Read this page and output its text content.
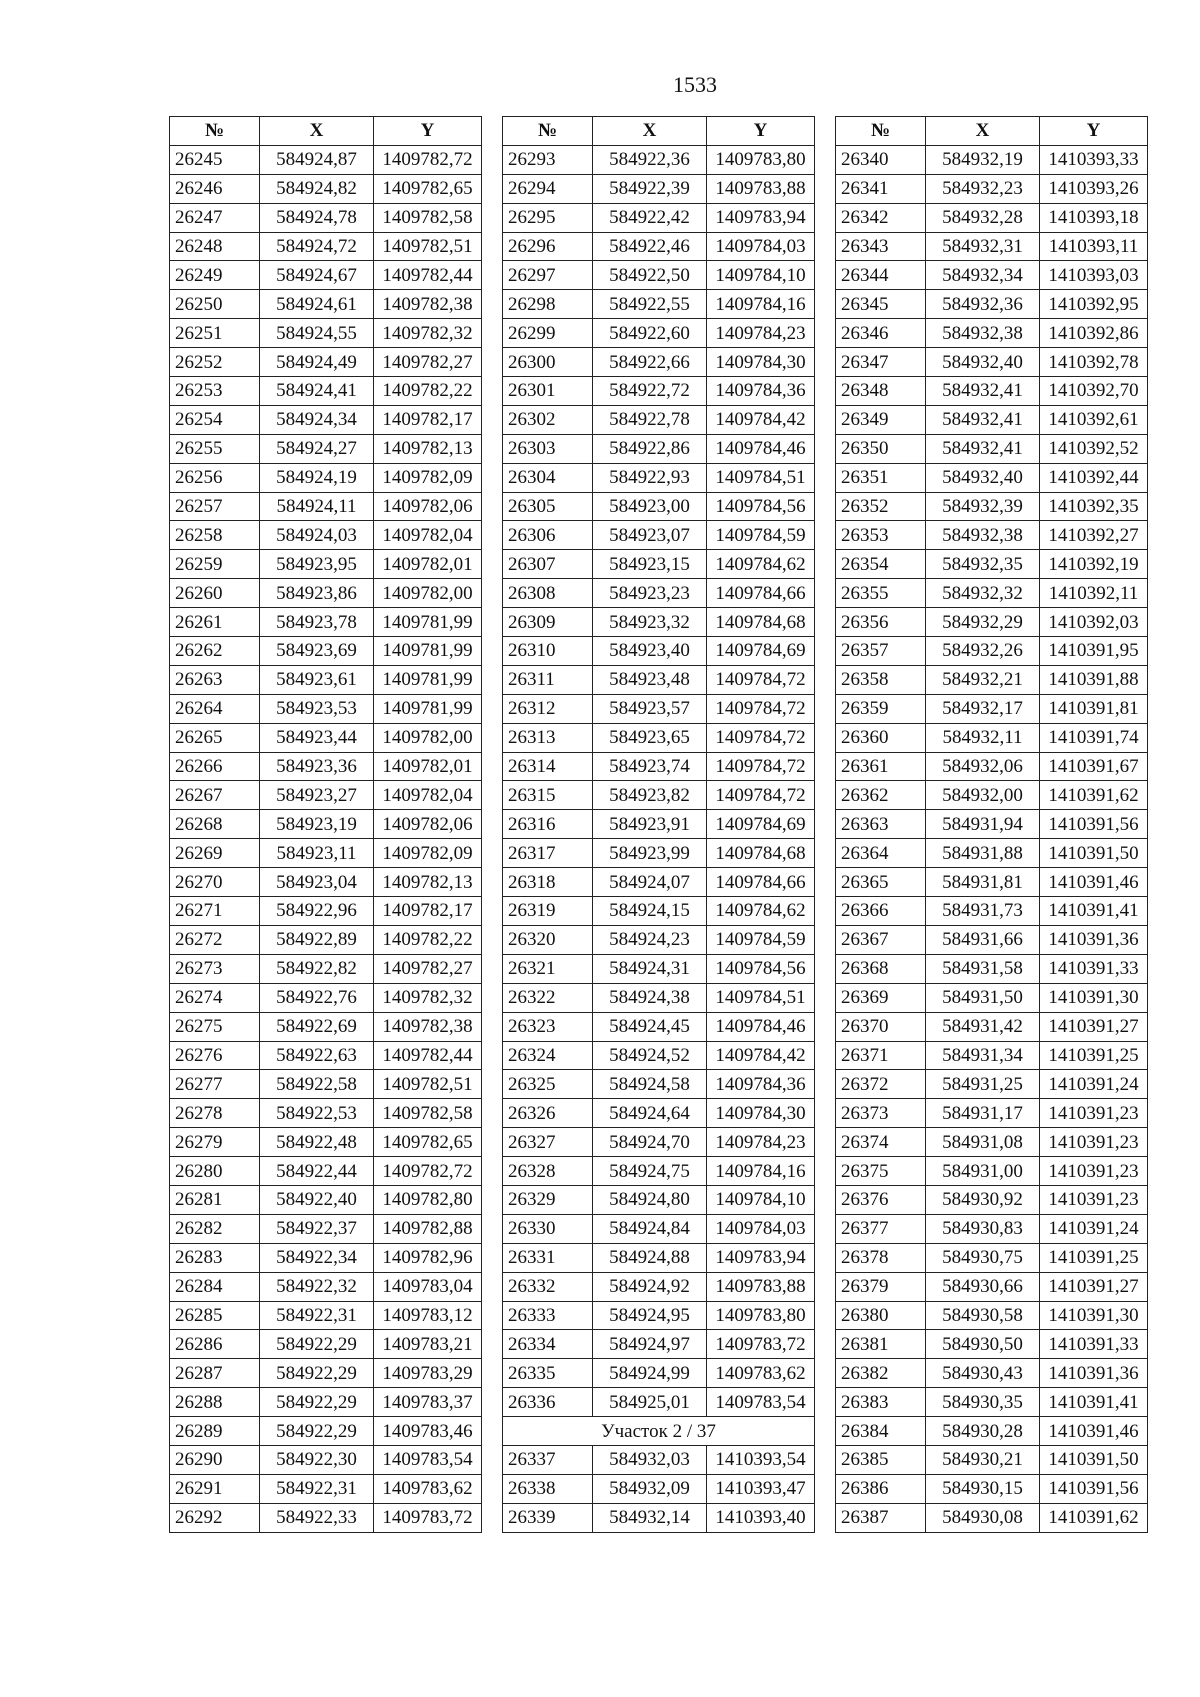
1533
№	X	Y
26245	584924,87	1409782,72
26246	584924,82	1409782,65
26247	584924,78	1409782,58
26248	584924,72	1409782,51
26249	584924,67	1409782,44
26250	584924,61	1409782,38
26251	584924,55	1409782,32
26252	584924,49	1409782,27
26253	584924,41	1409782,22
26254	584924,34	1409782,17
26255	584924,27	1409782,13
26256	584924,19	1409782,09
26257	584924,11	1409782,06
26258	584924,03	1409782,04
26259	584923,95	1409782,01
26260	584923,86	1409782,00
26261	584923,78	1409781,99
26262	584923,69	1409781,99
26263	584923,61	1409781,99
26264	584923,53	1409781,99
26265	584923,44	1409782,00
26266	584923,36	1409782,01
26267	584923,27	1409782,04
26268	584923,19	1409782,06
26269	584923,11	1409782,09
26270	584923,04	1409782,13
26271	584922,96	1409782,17
26272	584922,89	1409782,22
26273	584922,82	1409782,27
26274	584922,76	1409782,32
26275	584922,69	1409782,38
26276	584922,63	1409782,44
26277	584922,58	1409782,51
26278	584922,53	1409782,58
26279	584922,48	1409782,65
26280	584922,44	1409782,72
26281	584922,40	1409782,80
26282	584922,37	1409782,88
26283	584922,34	1409782,96
26284	584922,32	1409783,04
26285	584922,31	1409783,12
26286	584922,29	1409783,21
26287	584922,29	1409783,29
26288	584922,29	1409783,37
26289	584922,29	1409783,46
26290	584922,30	1409783,54
26291	584922,31	1409783,62
26292	584922,33	1409783,72
№	X	Y
26293	584922,36	1409783,80
26294	584922,39	1409783,88
26295	584922,42	1409783,94
26296	584922,46	1409784,03
26297	584922,50	1409784,10
26298	584922,55	1409784,16
26299	584922,60	1409784,23
26300	584922,66	1409784,30
26301	584922,72	1409784,36
26302	584922,78	1409784,42
26303	584922,86	1409784,46
26304	584922,93	1409784,51
26305	584923,00	1409784,56
26306	584923,07	1409784,59
26307	584923,15	1409784,62
26308	584923,23	1409784,66
26309	584923,32	1409784,68
26310	584923,40	1409784,69
26311	584923,48	1409784,72
26312	584923,57	1409784,72
26313	584923,65	1409784,72
26314	584923,74	1409784,72
26315	584923,82	1409784,72
26316	584923,91	1409784,69
26317	584923,99	1409784,68
26318	584924,07	1409784,66
26319	584924,15	1409784,62
26320	584924,23	1409784,59
26321	584924,31	1409784,56
26322	584924,38	1409784,51
26323	584924,45	1409784,46
26324	584924,52	1409784,42
26325	584924,58	1409784,36
26326	584924,64	1409784,30
26327	584924,70	1409784,23
26328	584924,75	1409784,16
26329	584924,80	1409784,10
26330	584924,84	1409784,03
26331	584924,88	1409783,94
26332	584924,92	1409783,88
26333	584924,95	1409783,80
26334	584924,97	1409783,72
26335	584924,99	1409783,62
26336	584925,01	1409783,54
Участок 2 / 37		
26337	584932,03	1410393,54
26338	584932,09	1410393,47
26339	584932,14	1410393,40
№	X	Y
26340	584932,19	1410393,33
26341	584932,23	1410393,26
26342	584932,28	1410393,18
26343	584932,31	1410393,11
26344	584932,34	1410393,03
26345	584932,36	1410392,95
26346	584932,38	1410392,86
26347	584932,40	1410392,78
26348	584932,41	1410392,70
26349	584932,41	1410392,61
26350	584932,41	1410392,52
26351	584932,40	1410392,44
26352	584932,39	1410392,35
26353	584932,38	1410392,27
26354	584932,35	1410392,19
26355	584932,32	1410392,11
26356	584932,29	1410392,03
26357	584932,26	1410391,95
26358	584932,21	1410391,88
26359	584932,17	1410391,81
26360	584932,11	1410391,74
26361	584932,06	1410391,67
26362	584932,00	1410391,62
26363	584931,94	1410391,56
26364	584931,88	1410391,50
26365	584931,81	1410391,46
26366	584931,73	1410391,41
26367	584931,66	1410391,36
26368	584931,58	1410391,33
26369	584931,50	1410391,30
26370	584931,42	1410391,27
26371	584931,34	1410391,25
26372	584931,25	1410391,24
26373	584931,17	1410391,23
26374	584931,08	1410391,23
26375	584931,00	1410391,23
26376	584930,92	1410391,23
26377	584930,83	1410391,24
26378	584930,75	1410391,25
26379	584930,66	1410391,27
26380	584930,58	1410391,30
26381	584930,50	1410391,33
26382	584930,43	1410391,36
26383	584930,35	1410391,41
26384	584930,28	1410391,46
26385	584930,21	1410391,50
26386	584930,15	1410391,56
26387	584930,08	1410391,62
